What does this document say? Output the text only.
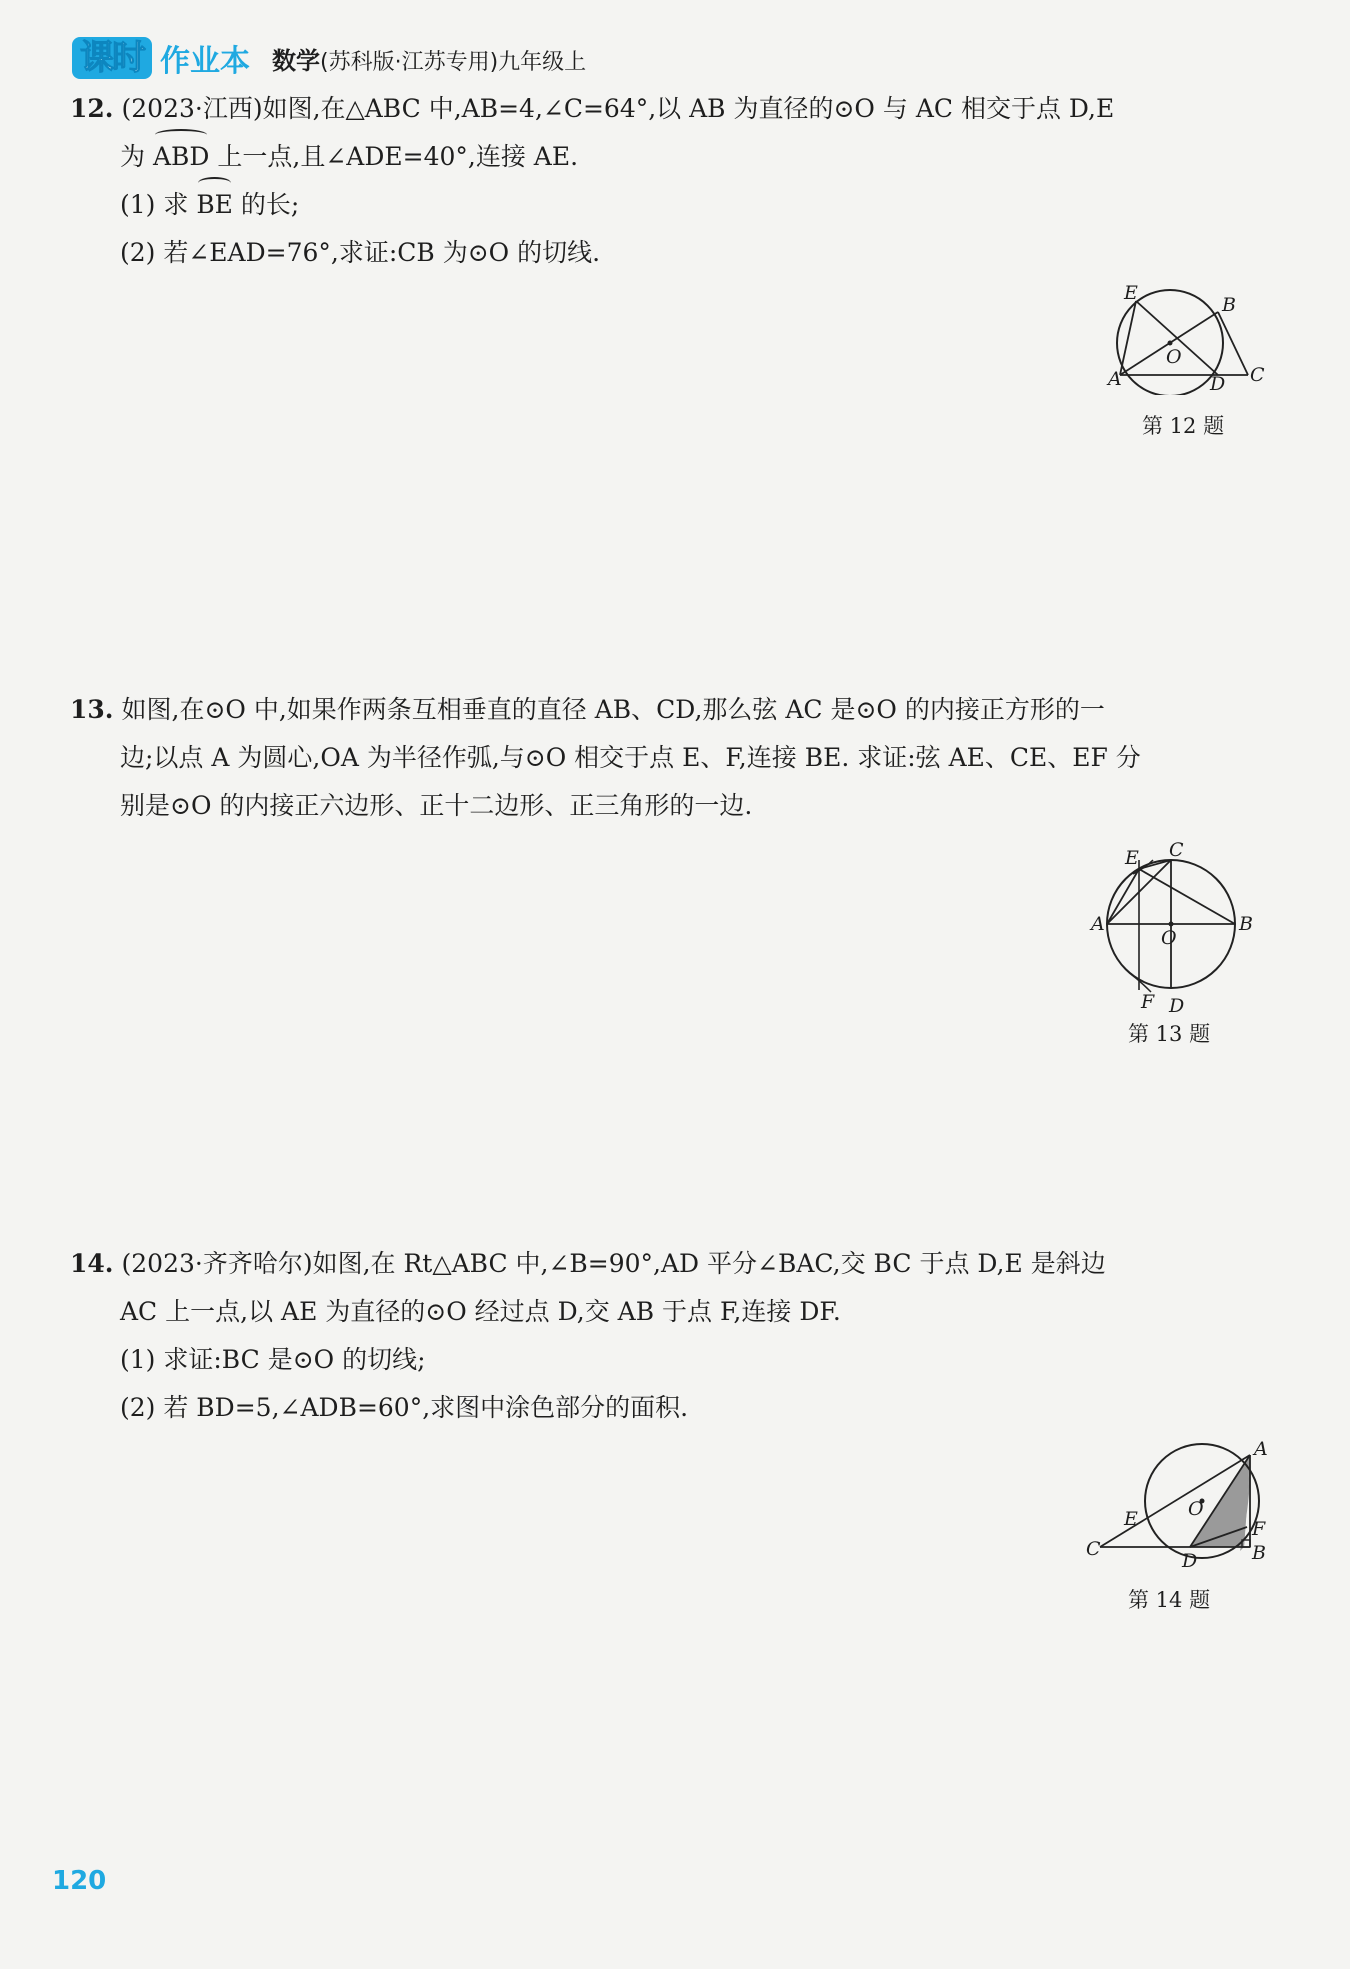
课时 作业本 数学(苏科版·江苏专用)九年级上
12. (2023·江西)如图,在△ABC 中,AB=4,∠C=64°,以 AB 为直径的⊙O 与 AC 相交于点 D,E
为 ABD 上一点,且∠ADE=40°,连接 AE.
(1) 求 BE 的长;
(2) 若∠EAD=76°,求证:CB 为⊙O 的切线.
E
B
O
A	D C
第 12 题
13. 如图,在⊙O 中,如果作两条互相垂直的直径 AB、CD,那么弦 AC 是⊙O 的内接正方形的一
边;以点 A 为圆心,OA 为半径作弧,与⊙O 相交于点 E、F,连接 BE. 求证:弦 AE、CE、EF 分
别是⊙O 的内接正六边形、正十二边形、正三角形的一边.
E C
A
O
B
F D
第 13 题
14. (2023·齐齐哈尔)如图,在 Rt△ABC 中,∠B=90°,AD 平分∠BAC,交 BC 于点 D,E 是斜边
AC 上一点,以 AE 为直径的⊙O 经过点 D,交 AB 于点 F,连接 DF.
(1) 求证:BC 是⊙O 的切线;
(2) 若 BD=5,∠ADB=60°,求图中涂色部分的面积.
A
O
F
E
C
D	B
第 14 题
120
